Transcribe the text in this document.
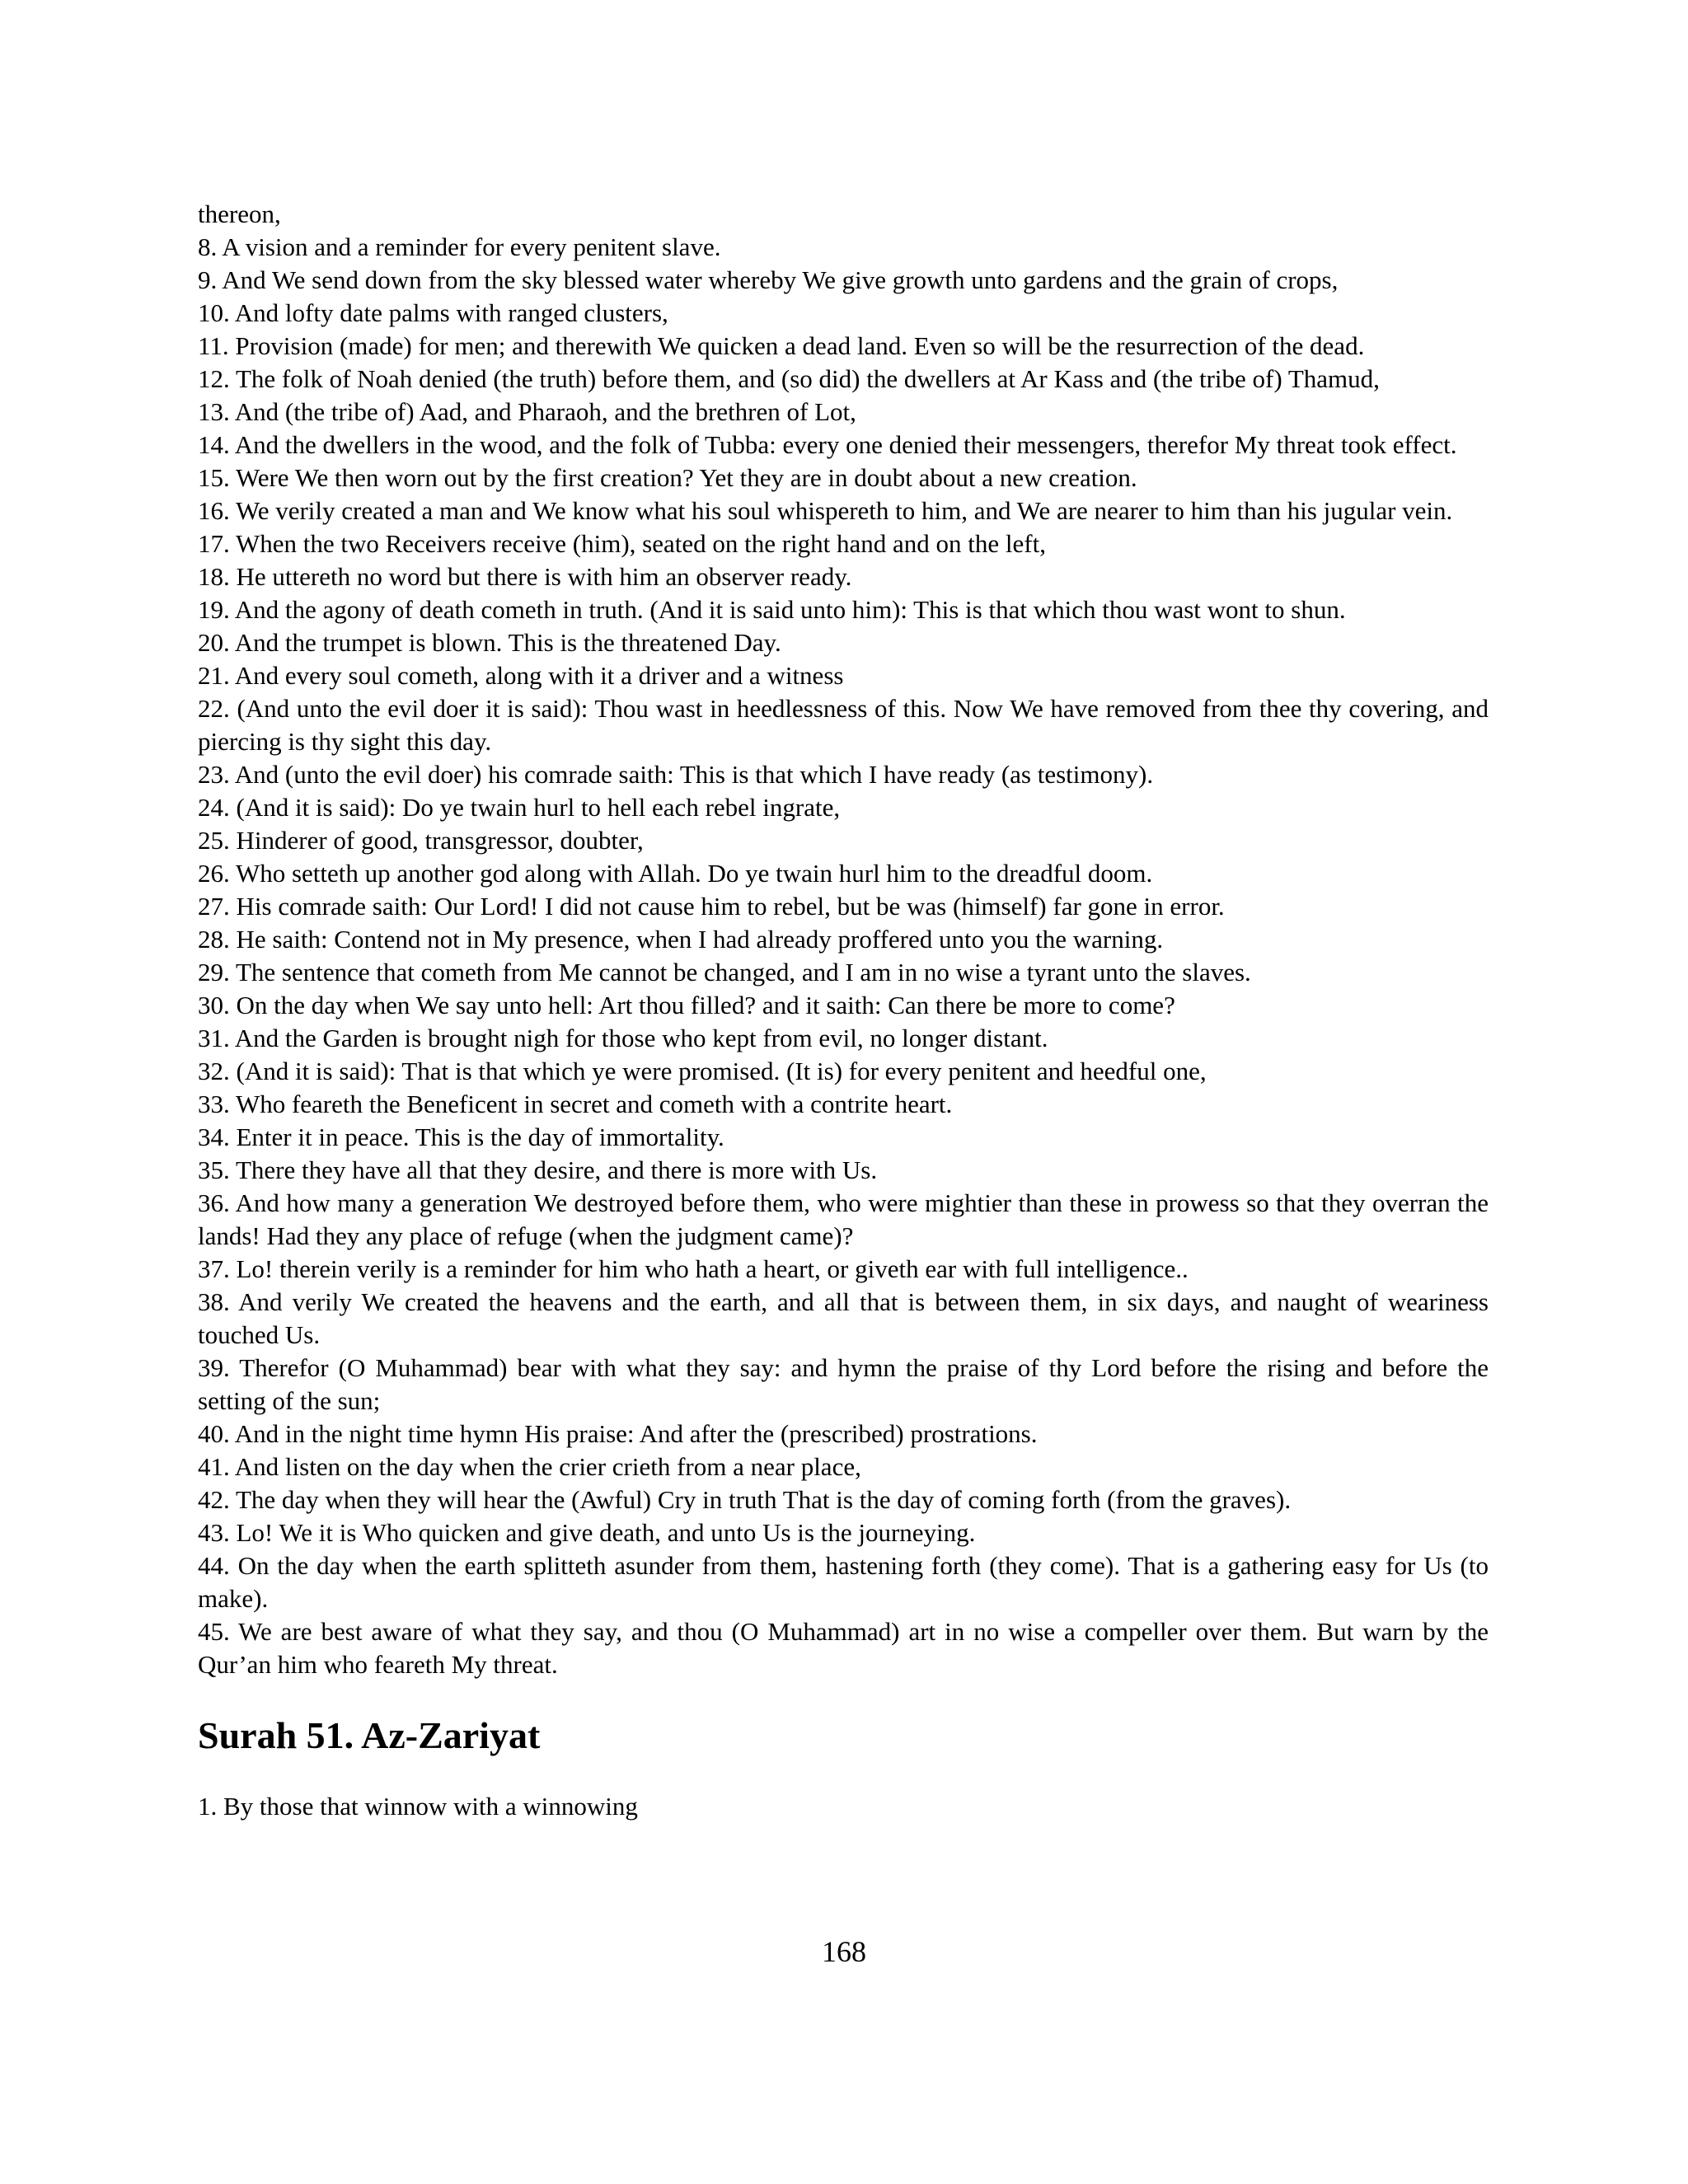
thereon,
8. A vision and a reminder for every penitent slave.
9. And We send down from the sky blessed water whereby We give growth unto gardens and the grain of crops,
10. And lofty date palms with ranged clusters,
11. Provision (made) for men; and therewith We quicken a dead land. Even so will be the resurrection of the dead.
12. The folk of Noah denied (the truth) before them, and (so did) the dwellers at Ar Kass and (the tribe of) Thamud,
13. And (the tribe of) Aad, and Pharaoh, and the brethren of Lot,
14. And the dwellers in the wood, and the folk of Tubba: every one denied their messengers, therefor My threat took effect.
15. Were We then worn out by the first creation? Yet they are in doubt about a new creation.
16. We verily created a man and We know what his soul whispereth to him, and We are nearer to him than his jugular vein.
17. When the two Receivers receive (him), seated on the right hand and on the left,
18. He uttereth no word but there is with him an observer ready.
19. And the agony of death cometh in truth. (And it is said unto him): This is that which thou wast wont to shun.
20. And the trumpet is blown. This is the threatened Day.
21. And every soul cometh, along with it a driver and a witness
22. (And unto the evil doer it is said): Thou wast in heedlessness of this. Now We have removed from thee thy covering, and piercing is thy sight this day.
23. And (unto the evil doer) his comrade saith: This is that which I have ready (as testimony).
24. (And it is said): Do ye twain hurl to hell each rebel ingrate,
25. Hinderer of good, transgressor, doubter,
26. Who setteth up another god along with Allah. Do ye twain hurl him to the dreadful doom.
27. His comrade saith: Our Lord! I did not cause him to rebel, but be was (himself) far gone in error.
28. He saith: Contend not in My presence, when I had already proffered unto you the warning.
29. The sentence that cometh from Me cannot be changed, and I am in no wise a tyrant unto the slaves.
30. On the day when We say unto hell: Art thou filled? and it saith: Can there be more to come?
31. And the Garden is brought nigh for those who kept from evil, no longer distant.
32. (And it is said): That is that which ye were promised. (It is) for every penitent and heedful one,
33. Who feareth the Beneficent in secret and cometh with a contrite heart.
34. Enter it in peace. This is the day of immortality.
35. There they have all that they desire, and there is more with Us.
36. And how many a generation We destroyed before them, who were mightier than these in prowess so that they overran the lands! Had they any place of refuge (when the judgment came)?
37. Lo! therein verily is a reminder for him who hath a heart, or giveth ear with full intelligence..
38. And verily We created the heavens and the earth, and all that is between them, in six days, and naught of weariness touched Us.
39. Therefor (O Muhammad) bear with what they say: and hymn the praise of thy Lord before the rising and before the setting of the sun;
40. And in the night time hymn His praise: And after the (prescribed) prostrations.
41. And listen on the day when the crier crieth from a near place,
42. The day when they will hear the (Awful) Cry in truth That is the day of coming forth (from the graves).
43. Lo! We it is Who quicken and give death, and unto Us is the journeying.
44. On the day when the earth splitteth asunder from them, hastening forth (they come). That is a gathering easy for Us (to make).
45. We are best aware of what they say, and thou (O Muhammad) art in no wise a compeller over them. But warn by the Qur’an him who feareth My threat.
Surah 51. Az-Zariyat
1. By those that winnow with a winnowing
168
